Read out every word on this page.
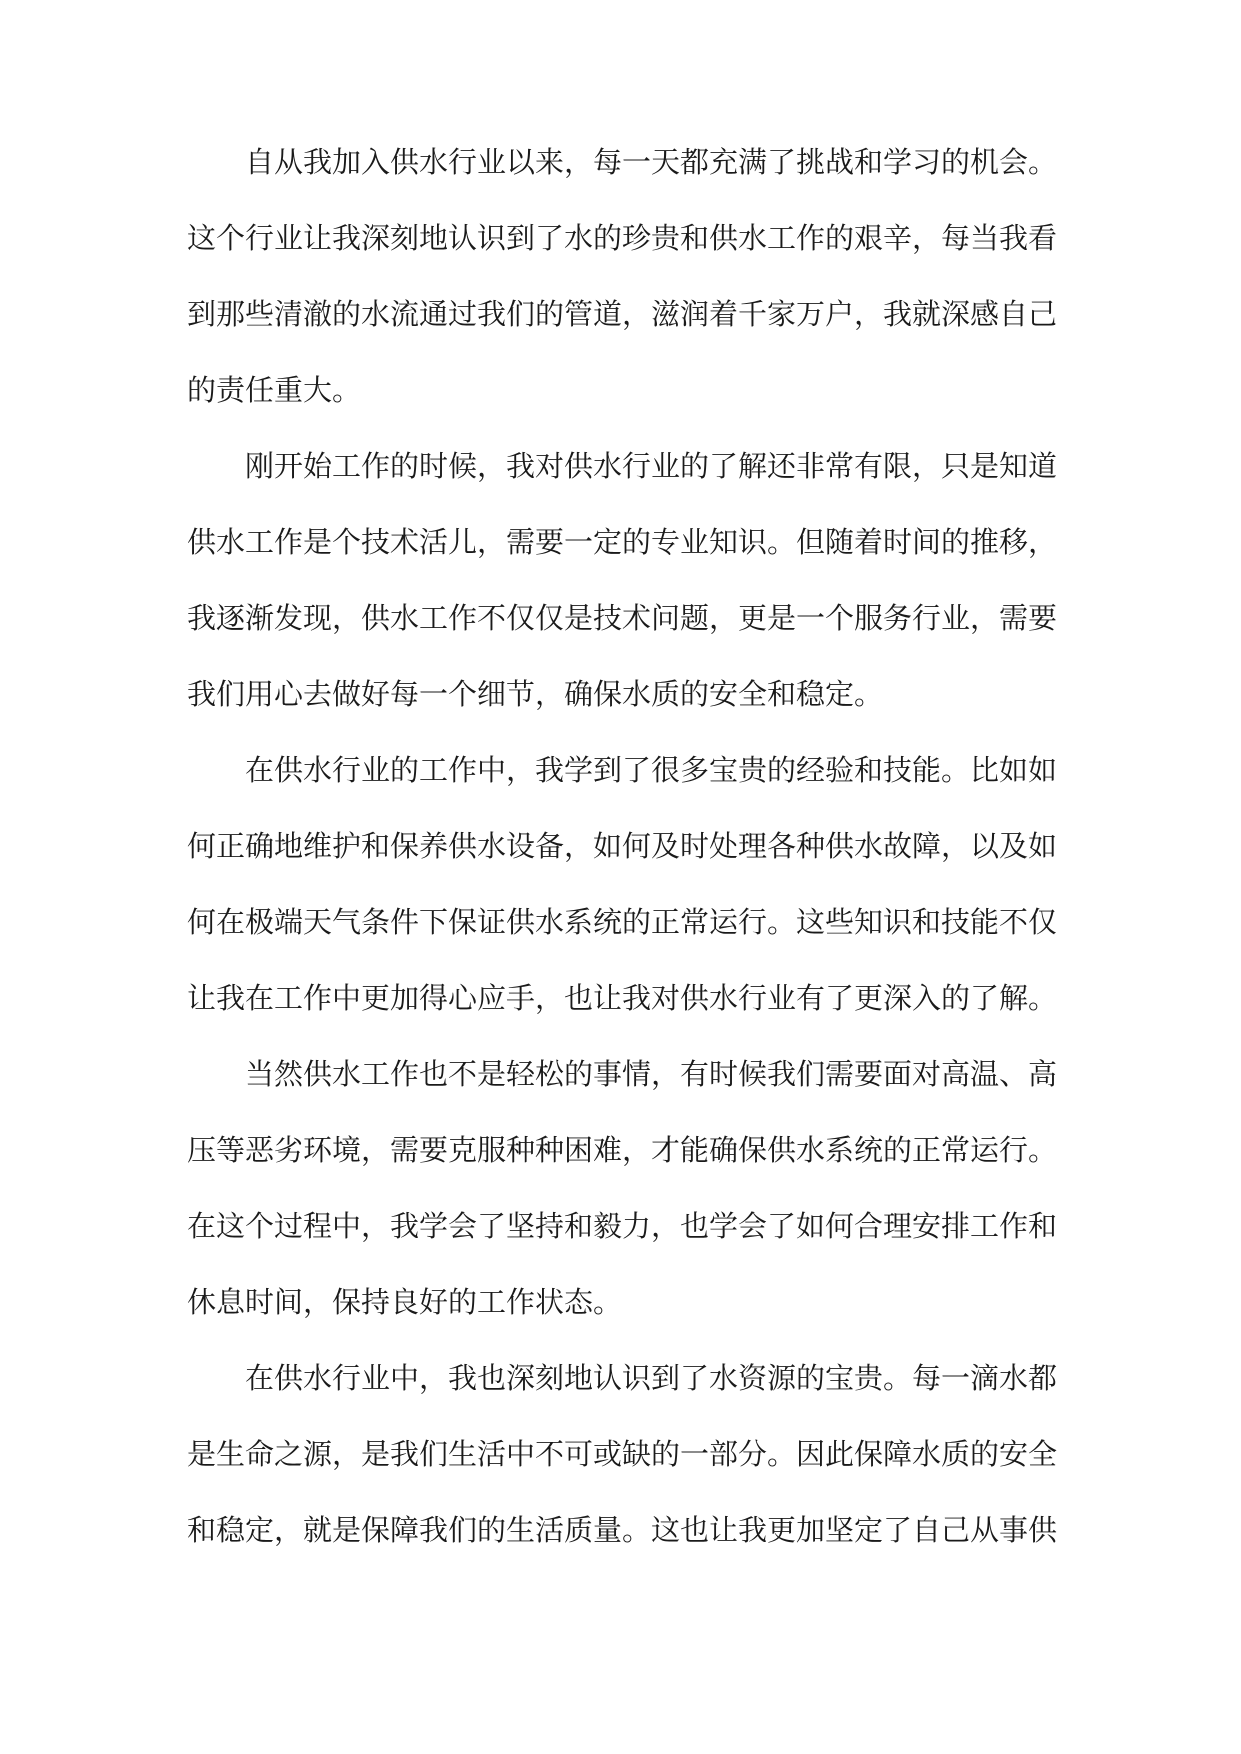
自从我加入供水行业以来，每一天都充满了挑战和学习的机会。
这个行业让我深刻地认识到了水的珍贵和供水工作的艰辛，每当我看
到那些清澈的水流通过我们的管道，滋润着千家万户，我就深感自己
的责任重大。
刚开始工作的时候，我对供水行业的了解还非常有限，只是知道
供水工作是个技术活儿，需要一定的专业知识。但随着时间的推移，
我逐渐发现，供水工作不仅仅是技术问题，更是一个服务行业，需要
我们用心去做好每一个细节，确保水质的安全和稳定。
在供水行业的工作中，我学到了很多宝贵的经验和技能。比如如
何正确地维护和保养供水设备，如何及时处理各种供水故障，以及如
何在极端天气条件下保证供水系统的正常运行。这些知识和技能不仅
让我在工作中更加得心应手，也让我对供水行业有了更深入的了解。
当然供水工作也不是轻松的事情，有时候我们需要面对高温、高
压等恶劣环境，需要克服种种困难，才能确保供水系统的正常运行。
在这个过程中，我学会了坚持和毅力，也学会了如何合理安排工作和
休息时间，保持良好的工作状态。
在供水行业中，我也深刻地认识到了水资源的宝贵。每一滴水都
是生命之源，是我们生活中不可或缺的一部分。因此保障水质的安全
和稳定，就是保障我们的生活质量。这也让我更加坚定了自己从事供
